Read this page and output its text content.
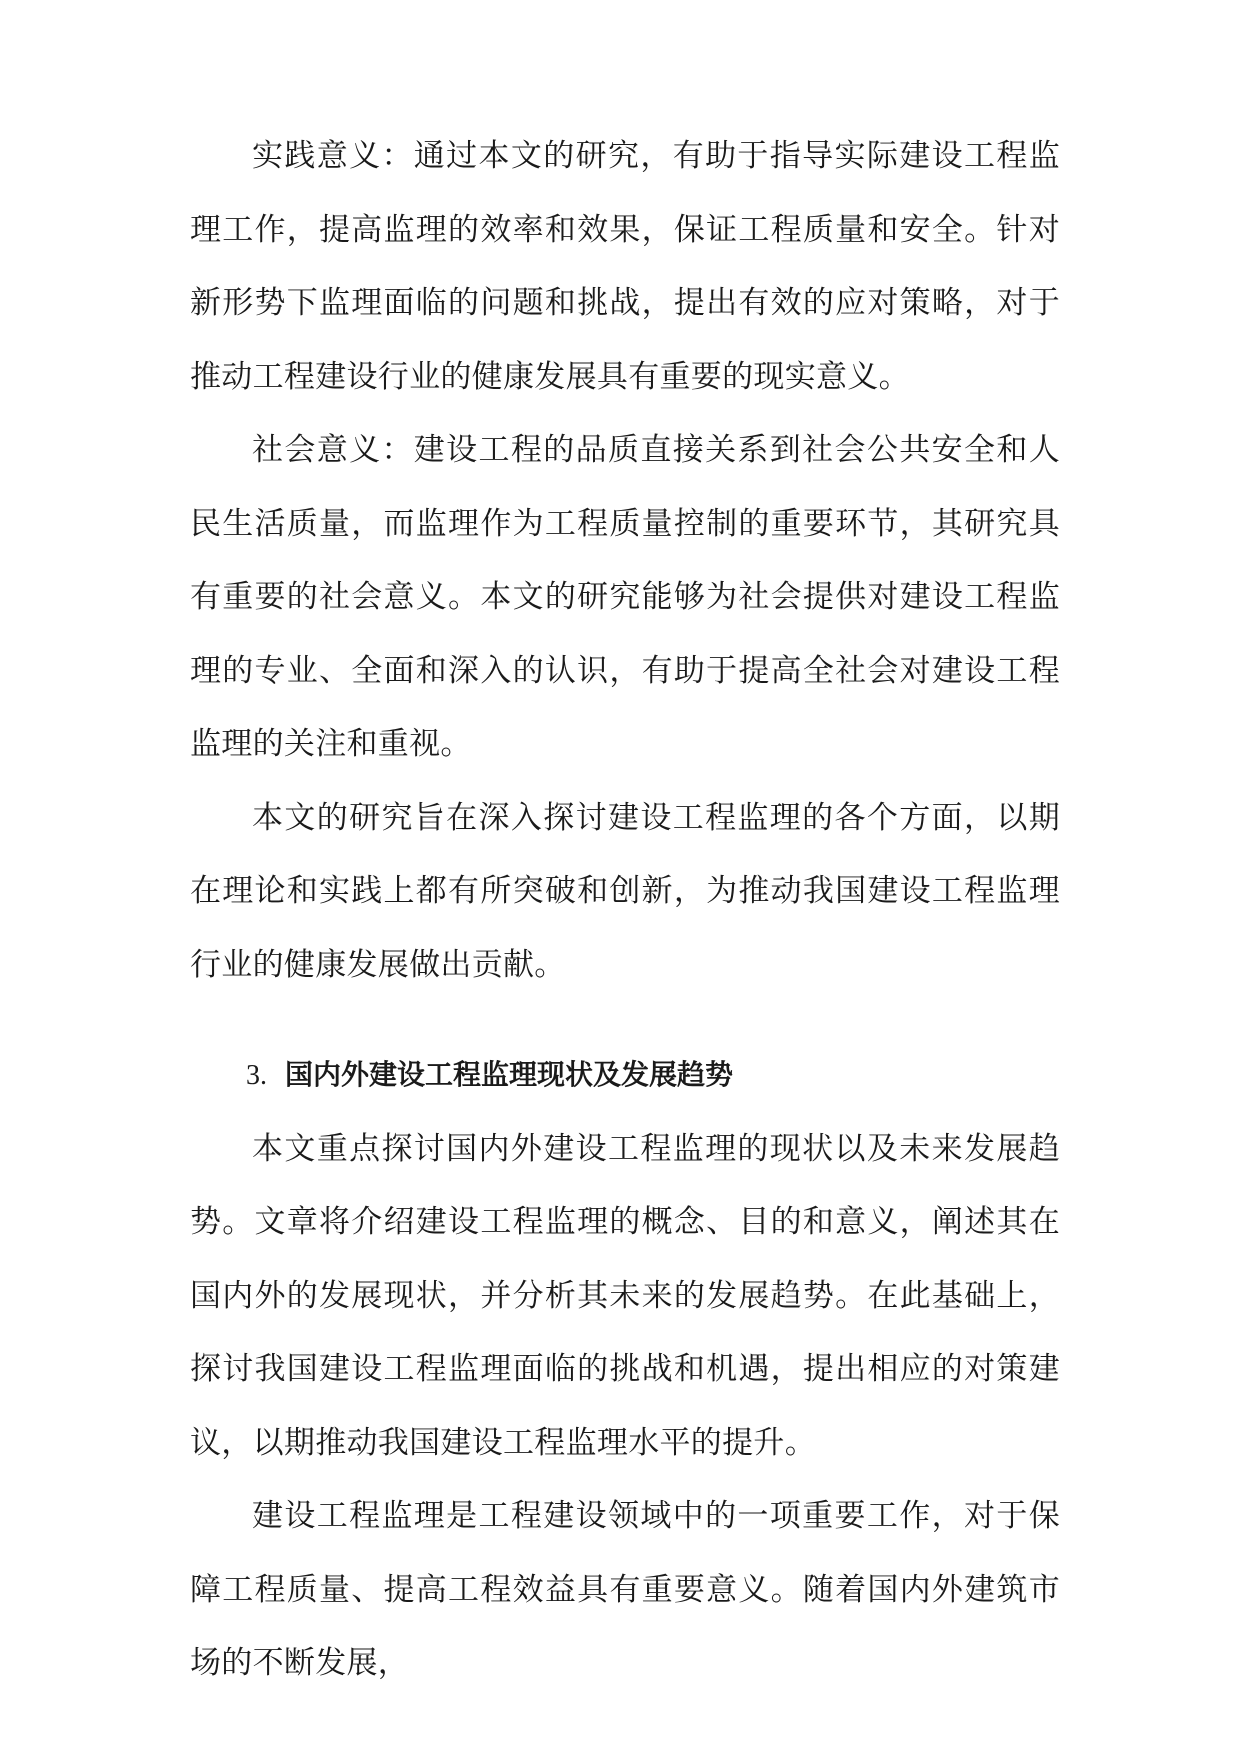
实践意义：通过本文的研究，有助于指导实际建设工程监理工作，提高监理的效率和效果，保证工程质量和安全。针对新形势下监理面临的问题和挑战，提出有效的应对策略，对于推动工程建设行业的健康发展具有重要的现实意义。

社会意义：建设工程的品质直接关系到社会公共安全和人民生活质量，而监理作为工程质量控制的重要环节，其研究具有重要的社会意义。本文的研究能够为社会提供对建设工程监理的专业、全面和深入的认识，有助于提高全社会对建设工程监理的关注和重视。

本文的研究旨在深入探讨建设工程监理的各个方面，以期在理论和实践上都有所突破和创新，为推动我国建设工程监理行业的健康发展做出贡献。

3. 国内外建设工程监理现状及发展趋势

本文重点探讨国内外建设工程监理的现状以及未来发展趋势。文章将介绍建设工程监理的概念、目的和意义，阐述其在国内外的发展现状，并分析其未来的发展趋势。在此基础上，探讨我国建设工程监理面临的挑战和机遇，提出相应的对策建议，以期推动我国建设工程监理水平的提升。

建设工程监理是工程建设领域中的一项重要工作，对于保障工程质量、提高工程效益具有重要意义。随着国内外建筑市场的不断发展，
